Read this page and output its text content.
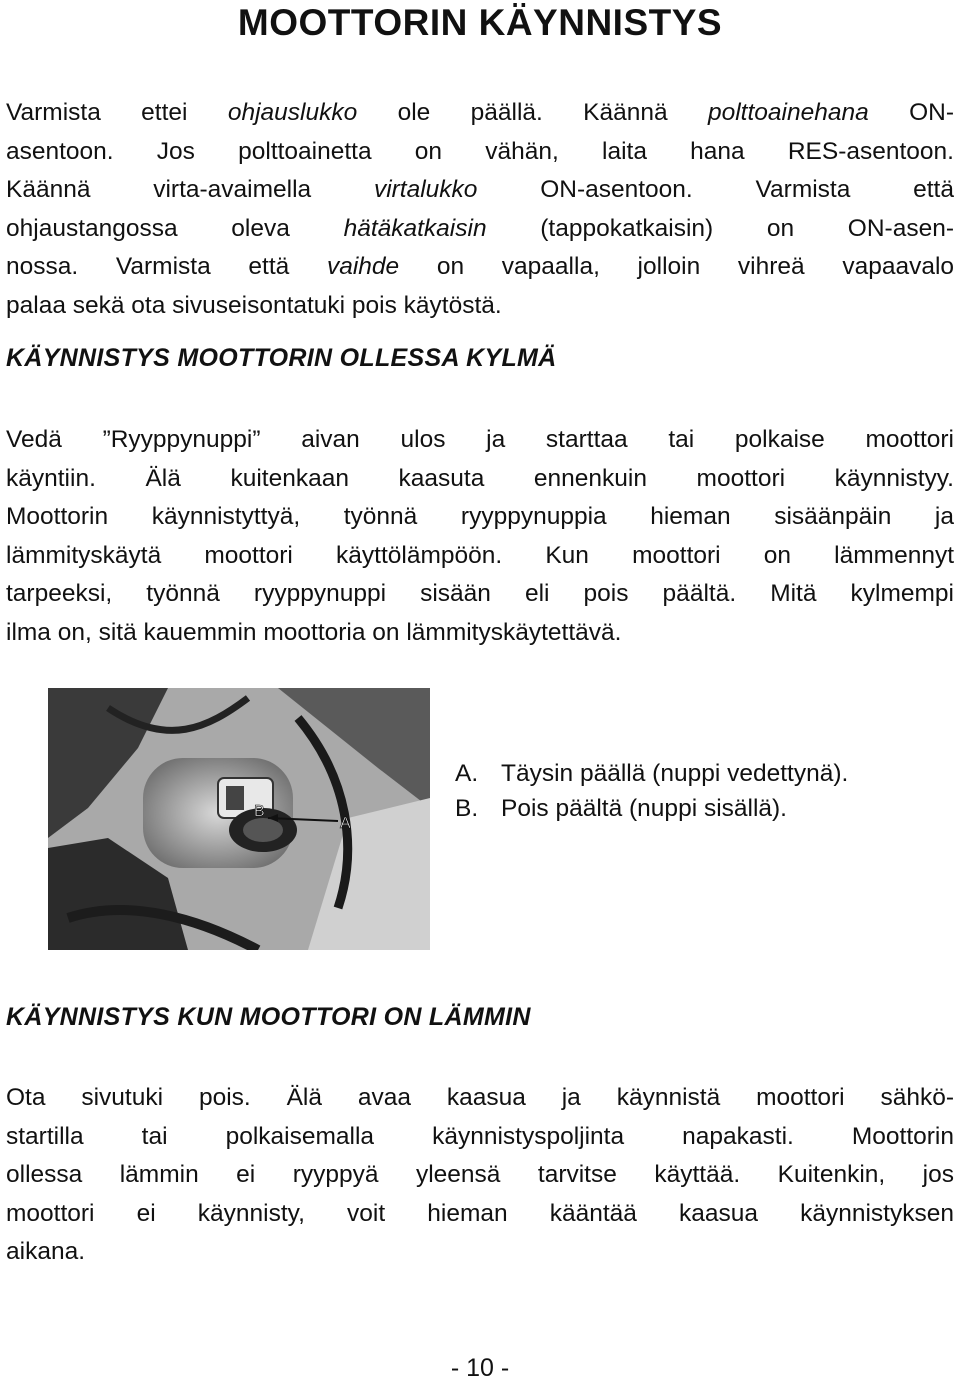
MOOTTORIN KÄYNNISTYS
Varmista ettei ohjauslukko ole päällä. Käännä polttoainehana ON-
asentoon. Jos polttoainetta on vähän, laita hana RES-asentoon.
Käännä virta-avaimella virtalukko ON-asentoon. Varmista että
ohjaustangossa oleva hätäkatkaisin (tappokatkaisin) on ON-asen-
nossa. Varmista että vaihde on vapaalla, jolloin vihreä vapaavalo
palaa sekä ota sivuseisontatuki pois käytöstä.
KÄYNNISTYS MOOTTORIN OLLESSA KYLMÄ
Vedä ”Ryyppynuppi” aivan ulos ja starttaa tai polkaise moottori
käyntiin. Älä kuitenkaan kaasuta ennenkuin moottori käynnistyy.
Moottorin käynnistyttyä, työnnä ryyppynuppia hieman sisäänpäin ja
lämmityskäytä moottori käyttölämpöön. Kun moottori on lämmennyt
tarpeeksi, työnnä ryyppynuppi sisään eli pois päältä. Mitä kylmempi
ilma on, sitä kauemmin moottoria on lämmityskäytettävä.
B
A
A. Täysin päällä (nuppi vedettynä).
B. Pois päältä (nuppi sisällä).
KÄYNNISTYS KUN MOOTTORI ON LÄMMIN
Ota sivutuki pois. Älä avaa kaasua ja käynnistä moottori sähkö-
startilla tai polkaisemalla käynnistyspoljinta napakasti. Moottorin
ollessa lämmin ei ryyppyä yleensä tarvitse käyttää. Kuitenkin, jos
moottori ei käynnisty, voit hieman kääntää kaasua käynnistyksen
aikana.
- 10 -
